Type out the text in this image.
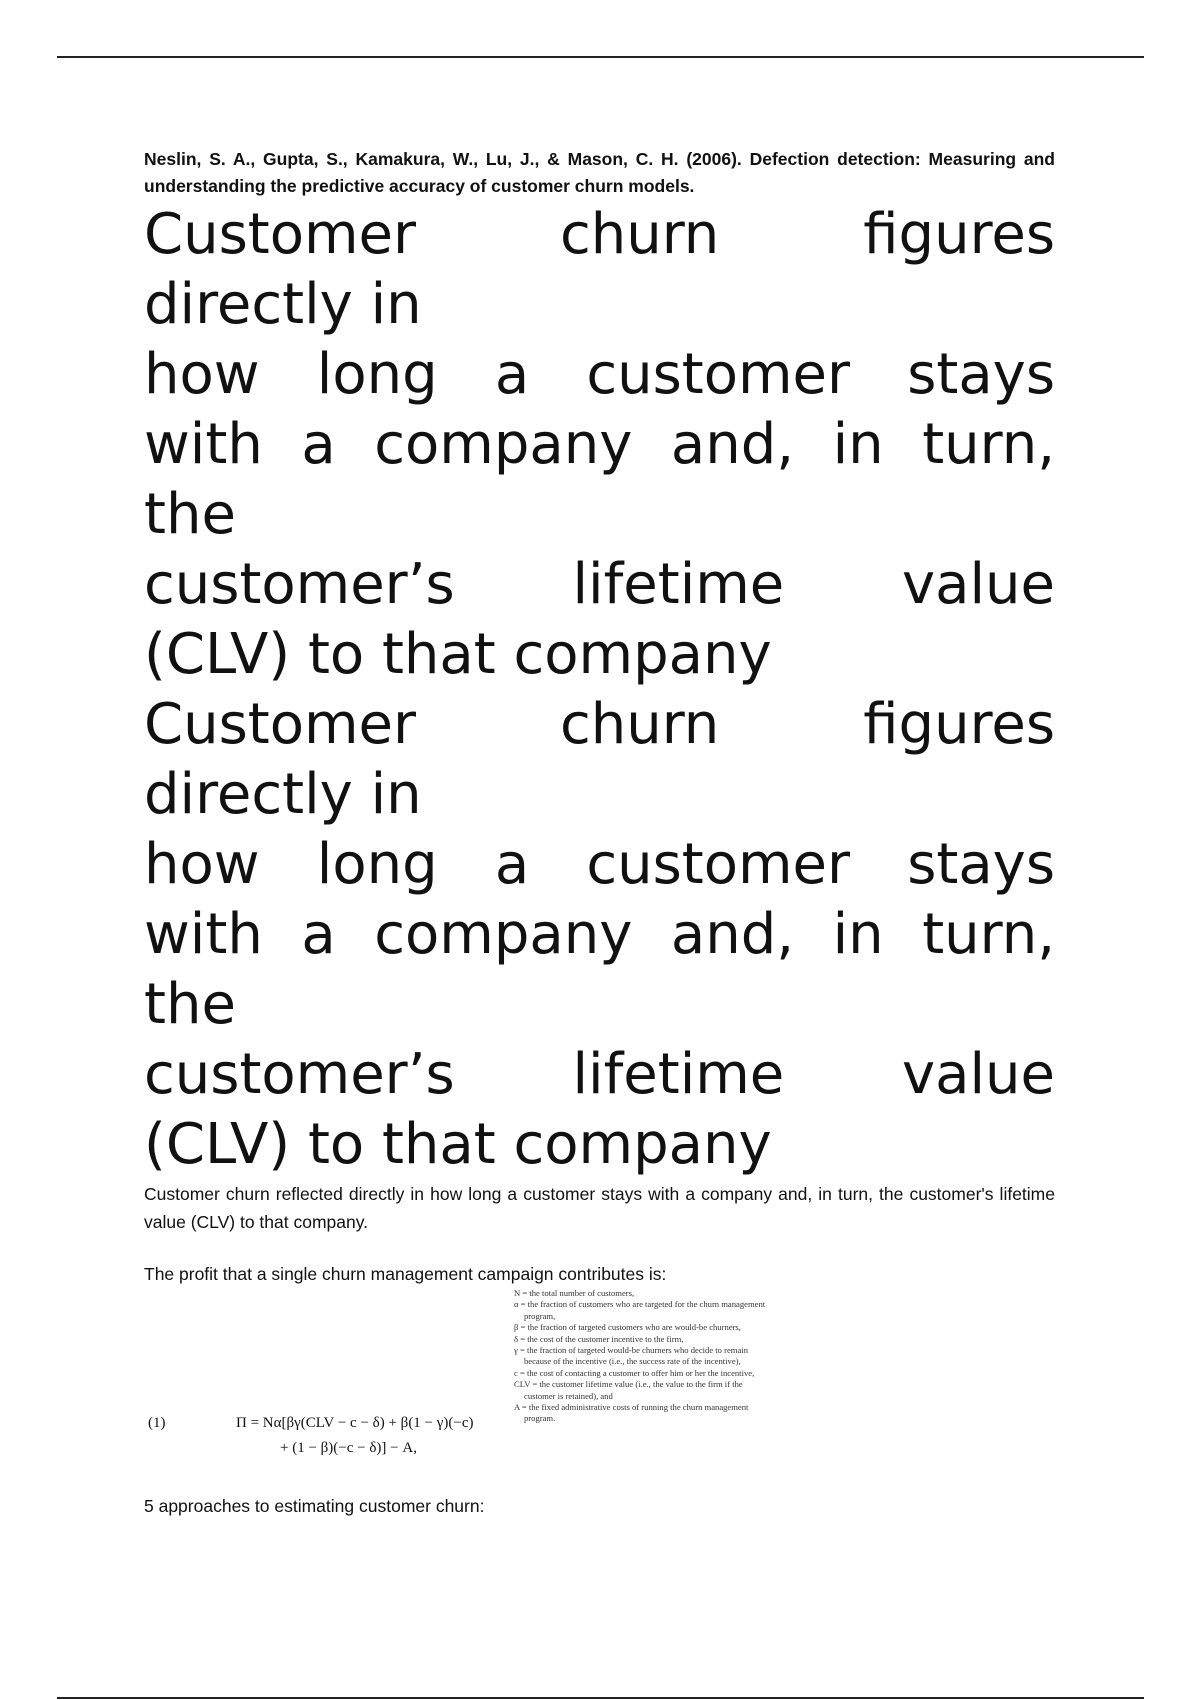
Neslin, S. A., Gupta, S., Kamakura, W., Lu, J., & Mason, C. H. (2006). Defection detection: Measuring and understanding the predictive accuracy of customer churn models.

Customer churn figures
directly in
how long a customer stays
with a company and, in turn,
the
customer’s lifetime value
(CLV) to that company
Customer churn figures
directly in
how long a customer stays
with a company and, in turn,
the
customer’s lifetime value
(CLV) to that company

Customer churn reflected directly in how long a customer stays with a company and, in turn, the customer's lifetime value (CLV) to that company.

The profit that a single churn management campaign contributes is:

(1)	Π = Nα[βγ(CLV − c − δ) + β(1 − γ)(−c)
+ (1 − β)(−c − δ)] − A,
N = the total number of customers,
α = the fraction of customers who are targeted for the churn management program,
β = the fraction of targeted customers who are would-be churners,
δ = the cost of the customer incentive to the firm,
γ = the fraction of targeted would-be churners who decide to remain because of the incentive (i.e., the success rate of the incentive),
c = the cost of contacting a customer to offer him or her the incentive,
CLV = the customer lifetime value (i.e., the value to the firm if the customer is retained), and
A = the fixed administrative costs of running the churn management program.

5 approaches to estimating customer churn:
